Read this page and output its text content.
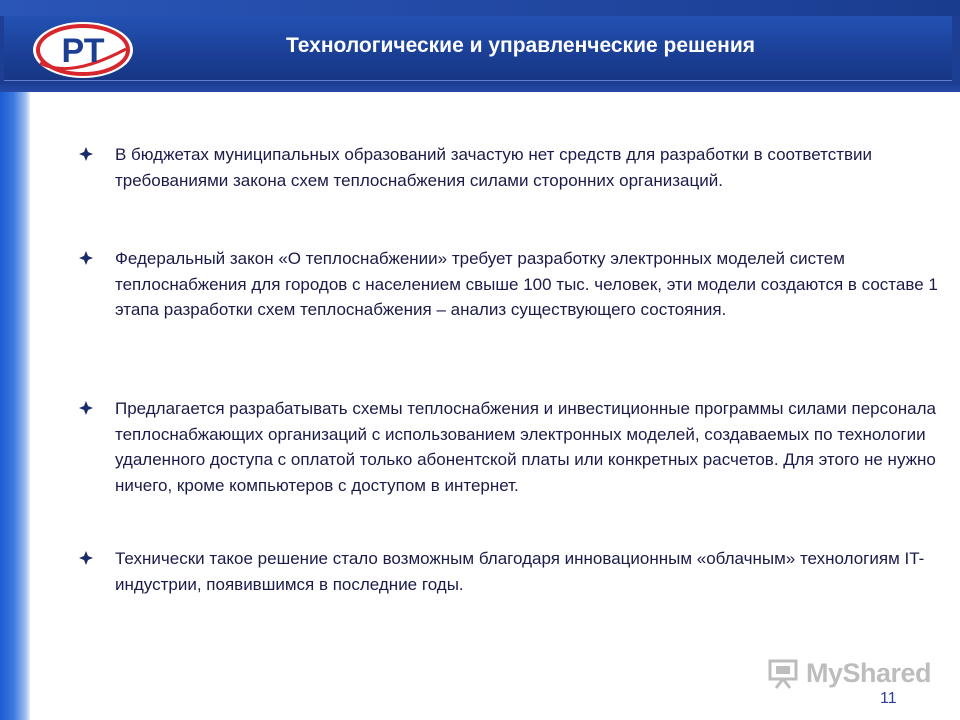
РТ	Технологические и управленческие решения
В бюджетах муниципальных образований зачастую нет средств для разработки в соответствии требованиями закона схем теплоснабжения силами сторонних организаций.
Федеральный закон «О теплоснабжении» требует разработку электронных моделей систем теплоснабжения для городов с населением свыше 100 тыс. человек, эти модели создаются в составе 1 этапа разработки схем теплоснабжения – анализ существующего состояния.
Предлагается разрабатывать схемы теплоснабжения и инвестиционные программы силами персонала теплоснабжающих организаций с использованием электронных моделей, создаваемых по технологии удаленного доступа с оплатой только абонентской платы или конкретных расчетов. Для этого не нужно ничего, кроме компьютеров с доступом в интернет.
Технически такое решение стало возможным благодаря инновационным «облачным» технологиям IT-индустрии, появившимся в последние годы.
MyShared
11
